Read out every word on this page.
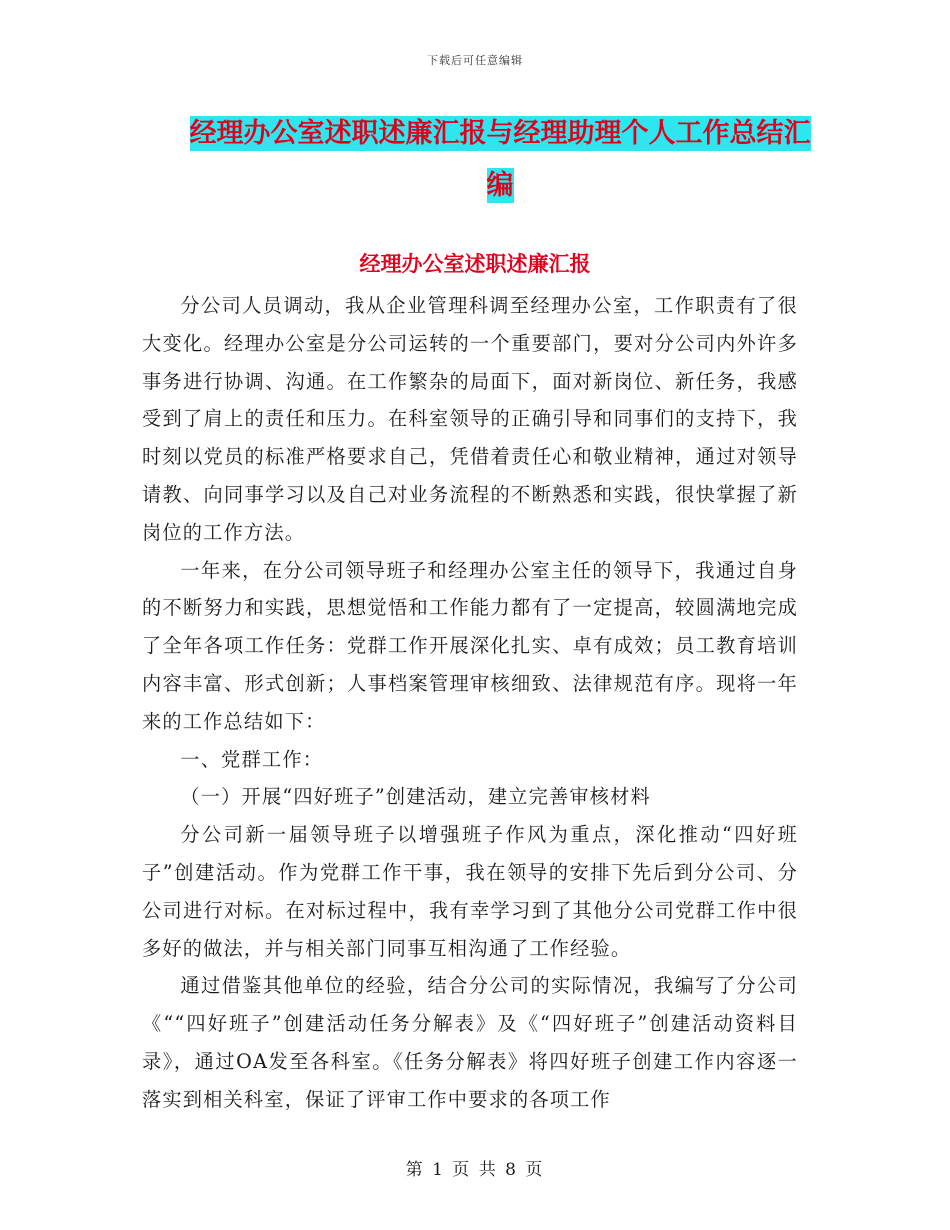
下载后可任意编辑
经理办公室述职述廉汇报与经理助理个人工作总结汇
编
经理办公室述职述廉汇报

分公司人员调动，我从企业管理科调至经理办公室，工作职责有了很大变化。经理办公室是分公司运转的一个重要部门，要对分公司内外许多事务进行协调、沟通。在工作繁杂的局面下，面对新岗位、新任务，我感受到了肩上的责任和压力。在科室领导的正确引导和同事们的支持下，我时刻以党员的标准严格要求自己，凭借着责任心和敬业精神，通过对领导请教、向同事学习以及自己对业务流程的不断熟悉和实践，很快掌握了新岗位的工作方法。

一年来，在分公司领导班子和经理办公室主任的领导下，我通过自身的不断努力和实践，思想觉悟和工作能力都有了一定提高，较圆满地完成了全年各项工作任务：党群工作开展深化扎实、卓有成效；员工教育培训内容丰富、形式创新；人事档案管理审核细致、法律规范有序。现将一年来的工作总结如下：

一、党群工作：

（一）开展“四好班子”创建活动，建立完善审核材料

分公司新一届领导班子以增强班子作风为重点，深化推动“四好班子”创建活动。作为党群工作干事，我在领导的安排下先后到分公司、分公司进行对标。在对标过程中，我有幸学习到了其他分公司党群工作中很多好的做法，并与相关部门同事互相沟通了工作经验。

通过借鉴其他单位的经验，结合分公司的实际情况，我编写了分公司《““四好班子”创建活动任务分解表》及《“四好班子”创建活动资料目录》，通过OA发至各科室。《任务分解表》将四好班子创建工作内容逐一落实到相关科室，保证了评审工作中要求的各项工作

第 1 页 共 8 页
